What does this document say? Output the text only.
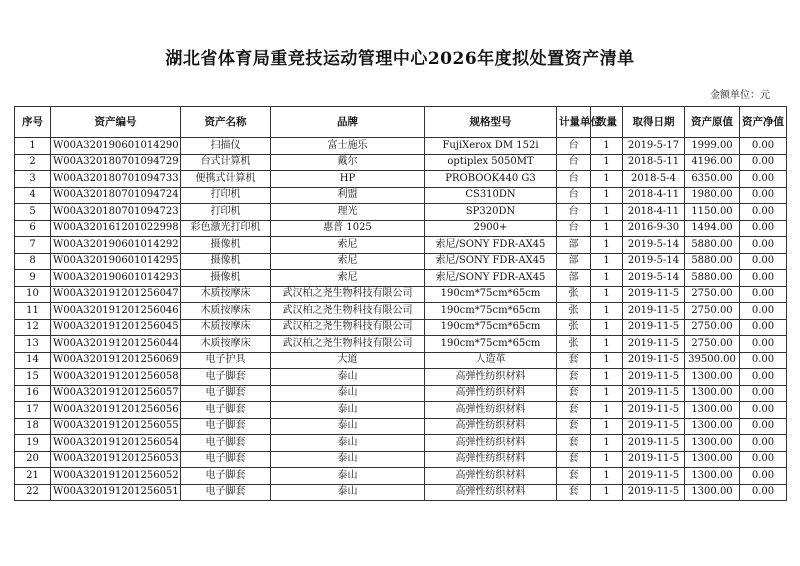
湖北省体育局重竞技运动管理中心2026年度拟处置资产清单
金额单位：元
序号	资产编号	资产名称	品牌	规格型号	计量单位	数量	取得日期	资产原值	资产净值
1	W00A320190601014290	扫描仪	富士施乐	FujiXerox DM 152i	台	1	2019-5-17	1999.00	0.00
2	W00A320180701094729	台式计算机	戴尔	optiplex 5050MT	台	1	2018-5-11	4196.00	0.00
3	W00A320180701094733	便携式计算机	HP	PROBOOK440 G3	台	1	2018-5-4	6350.00	0.00
4	W00A320180701094724	打印机	利盟	CS310DN	台	1	2018-4-11	1980.00	0.00
5	W00A320180701094723	打印机	理光	SP320DN	台	1	2018-4-11	1150.00	0.00
6	W00A320161201022998	彩色激光打印机	惠普 1025	2900+	台	1	2016-9-30	1494.00	0.00
7	W00A320190601014292	摄像机	索尼	索尼/SONY FDR-AX45	部	1	2019-5-14	5880.00	0.00
8	W00A320190601014295	摄像机	索尼	索尼/SONY FDR-AX45	部	1	2019-5-14	5880.00	0.00
9	W00A320190601014293	摄像机	索尼	索尼/SONY FDR-AX45	部	1	2019-5-14	5880.00	0.00
10	W00A320191201256047	木质按摩床	武汉柏之尧生物科技有限公司	190cm*75cm*65cm	张	1	2019-11-5	2750.00	0.00
11	W00A320191201256046	木质按摩床	武汉柏之尧生物科技有限公司	190cm*75cm*65cm	张	1	2019-11-5	2750.00	0.00
12	W00A320191201256045	木质按摩床	武汉柏之尧生物科技有限公司	190cm*75cm*65cm	张	1	2019-11-5	2750.00	0.00
13	W00A320191201256044	木质按摩床	武汉柏之尧生物科技有限公司	190cm*75cm*65cm	张	1	2019-11-5	2750.00	0.00
14	W00A320191201256069	电子护具	大道	人造革	套	1	2019-11-5	39500.00	0.00
15	W00A320191201256058	电子脚套	泰山	高弹性纺织材料	套	1	2019-11-5	1300.00	0.00
16	W00A320191201256057	电子脚套	泰山	高弹性纺织材料	套	1	2019-11-5	1300.00	0.00
17	W00A320191201256056	电子脚套	泰山	高弹性纺织材料	套	1	2019-11-5	1300.00	0.00
18	W00A320191201256055	电子脚套	泰山	高弹性纺织材料	套	1	2019-11-5	1300.00	0.00
19	W00A320191201256054	电子脚套	泰山	高弹性纺织材料	套	1	2019-11-5	1300.00	0.00
20	W00A320191201256053	电子脚套	泰山	高弹性纺织材料	套	1	2019-11-5	1300.00	0.00
21	W00A320191201256052	电子脚套	泰山	高弹性纺织材料	套	1	2019-11-5	1300.00	0.00
22	W00A320191201256051	电子脚套	泰山	高弹性纺织材料	套	1	2019-11-5	1300.00	0.00
